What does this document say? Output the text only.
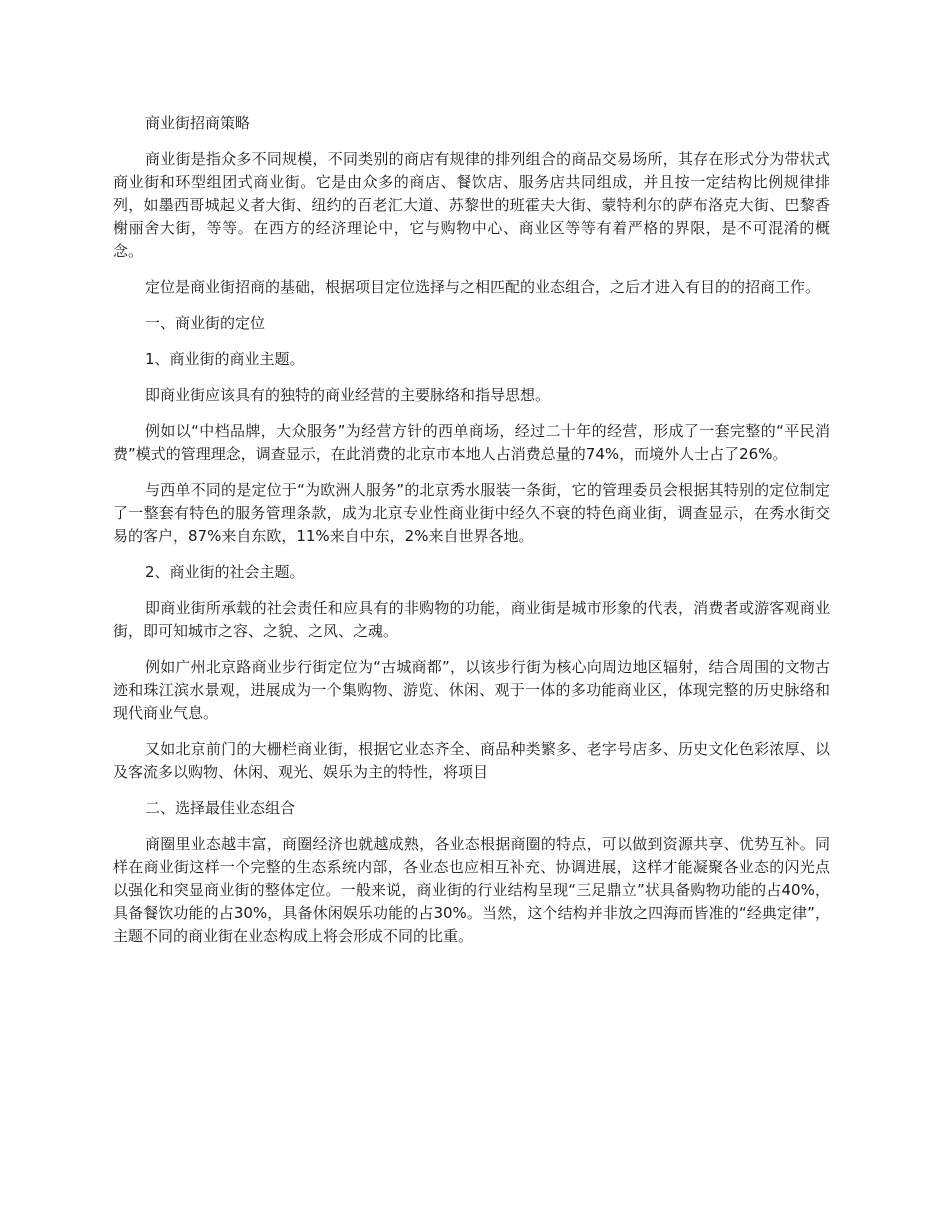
商业街招商策略

商业街是指众多不同规模，不同类别的商店有规律的排列组合的商品交易场所，其存在形式分为带状式商业街和环型组团式商业街。它是由众多的商店、餐饮店、服务店共同组成，并且按一定结构比例规律排列，如墨西哥城起义者大街、纽约的百老汇大道、苏黎世的班霍夫大街、蒙特利尔的萨布洛克大街、巴黎香榭丽舍大街，等等。在西方的经济理论中，它与购物中心、商业区等等有着严格的界限，是不可混淆的概念。

定位是商业街招商的基础，根据项目定位选择与之相匹配的业态组合，之后才进入有目的的招商工作。

一、商业街的定位

1、商业街的商业主题。

即商业街应该具有的独特的商业经营的主要脉络和指导思想。

例如以“中档品牌，大众服务”为经营方针的西单商场，经过二十年的经营，形成了一套完整的“平民消费”模式的管理理念，调查显示，在此消费的北京市本地人占消费总量的74%，而境外人士占了26%。

与西单不同的是定位于“为欧洲人服务”的北京秀水服装一条街，它的管理委员会根据其特别的定位制定了一整套有特色的服务管理条款，成为北京专业性商业街中经久不衰的特色商业街，调查显示，在秀水街交易的客户，87%来自东欧，11%来自中东，2%来自世界各地。

2、商业街的社会主题。

即商业街所承载的社会责任和应具有的非购物的功能，商业街是城市形象的代表，消费者或游客观商业街，即可知城市之容、之貌、之风、之魂。

例如广州北京路商业步行街定位为“古城商都”，以该步行街为核心向周边地区辐射，结合周围的文物古迹和珠江滨水景观，进展成为一个集购物、游览、休闲、观于一体的多功能商业区，体现完整的历史脉络和现代商业气息。

又如北京前门的大栅栏商业街，根据它业态齐全、商品种类繁多、老字号店多、历史文化色彩浓厚、以及客流多以购物、休闲、观光、娱乐为主的特性，将项目

二、选择最佳业态组合

商圈里业态越丰富，商圈经济也就越成熟，各业态根据商圈的特点，可以做到资源共享、优势互补。同样在商业街这样一个完整的生态系统内部，各业态也应相互补充、协调进展，这样才能凝聚各业态的闪光点以强化和突显商业街的整体定位。一般来说，商业街的行业结构呈现“三足鼎立”状具备购物功能的占40%，具备餐饮功能的占30%，具备休闲娱乐功能的占30%。当然，这个结构并非放之四海而皆准的“经典定律”，主题不同的商业街在业态构成上将会形成不同的比重。
